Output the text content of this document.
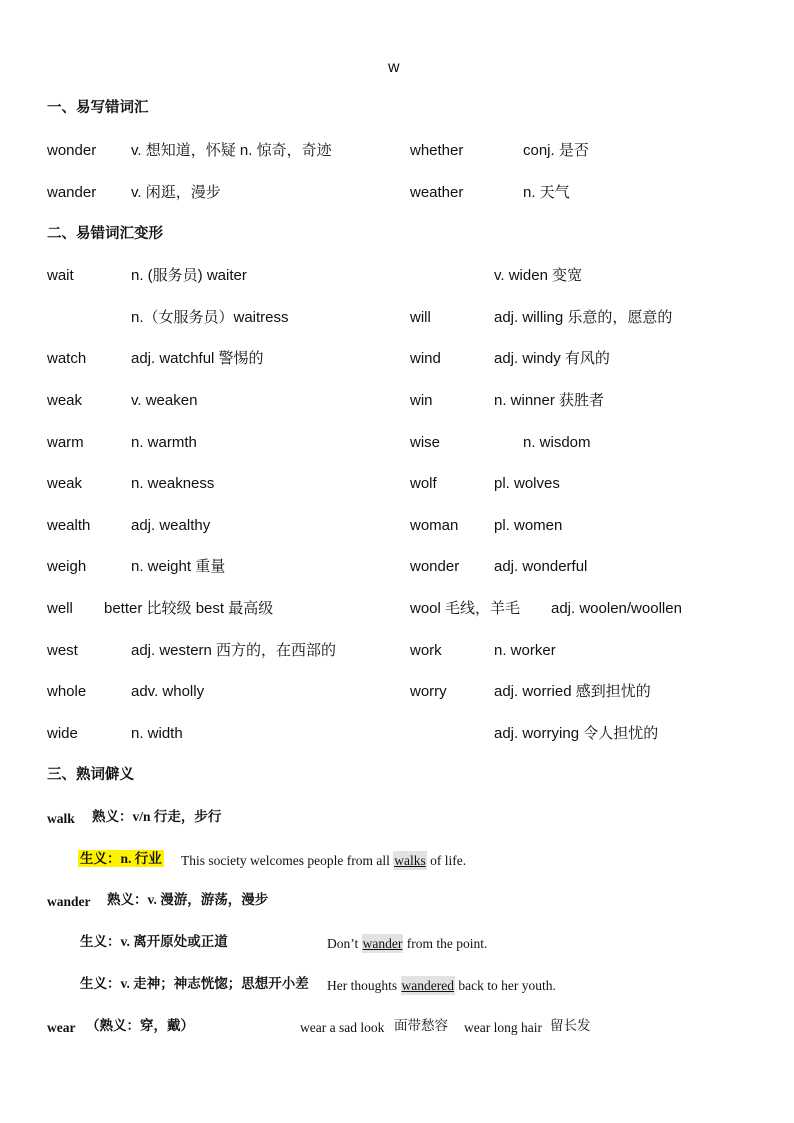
w
一、易写错词汇
wonder v. 想知道，怀疑 n. 惊奇，奇迹	whether	conj. 是否
wander v. 闲逛，漫步	weather	n. 天气
二、易错词汇变形
wait	n. (服务员) waiter	v. widen 变宽
n.（女服务员）waitress	will	adj. willing 乐意的，愿意的
watch	adj. watchful 警惕的	wind	adj. windy 有风的
weak	v. weaken	win	n. winner 获胜者
warm	n. warmth	wise	n. wisdom
weak	n. weakness	wolf	pl. wolves
wealth	adj. wealthy	woman pl. women
weigh	n. weight 重量	wonder adj. wonderful
well better 比较级 best 最高级	wool 毛线，羊毛 adj. woolen/woollen
west	adj. western 西方的，在西部的	work	n. worker
whole	adv. wholly	worry	adj. worried 感到担忧的
wide	n. width	adj. worrying 令人担忧的
三、熟词僻义
walk 熟义：v/n 行走，步行
生义：n. 行业 This society welcomes people from all walks of life.
wander 熟义：v. 漫游，游荡，漫步
生义：v. 离开原处或正道	Don’t wander from the point.
生义：v. 走神；神志恍惚；思想开小差 Her thoughts wandered back to her youth.
wear （熟义：穿，戴）	wear a sad look 面带愁容 wear long hair 留长发
